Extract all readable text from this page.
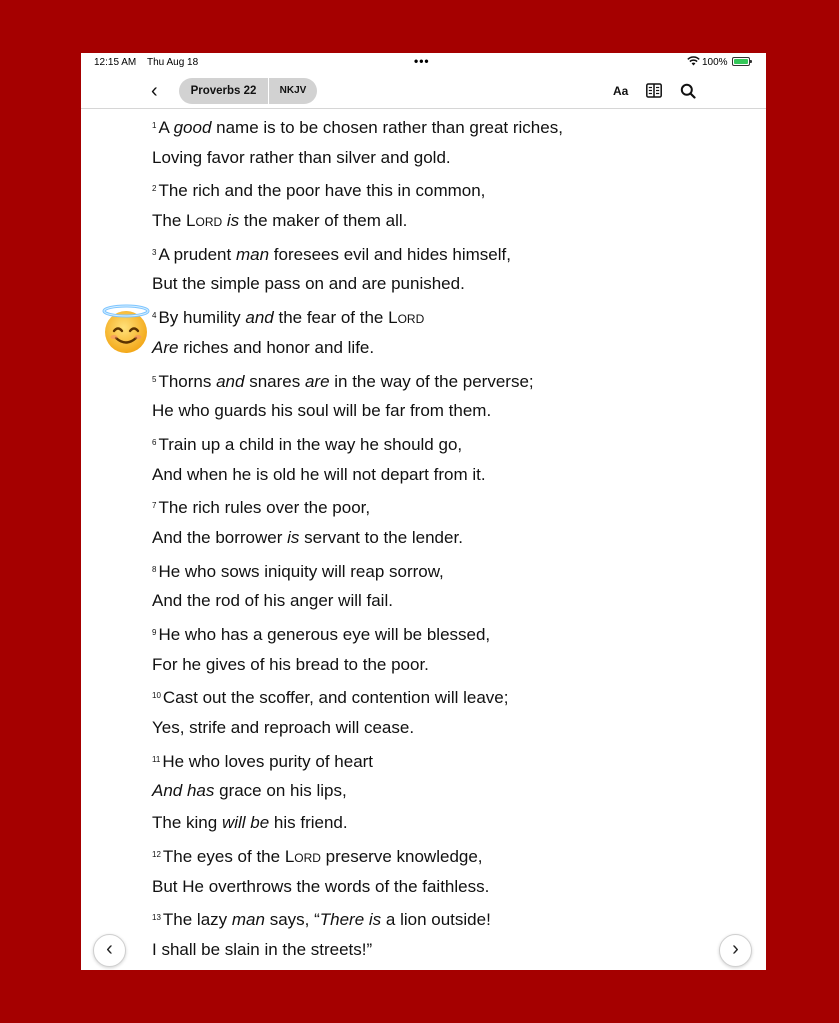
12:15 AM Thu Aug 18	•••	100%
‹	Proverbs 22	NKJV	Aa
$^1$ A good name is to be chosen rather than great riches,
Loving favor rather than silver and gold.
$^2$ The rich and the poor have this in common,
The Lord is the maker of them all.
$^3$ A prudent man foresees evil and hides himself,
But the simple pass on and are punished.
$^4$ By humility and the fear of the Lord
Are riches and honor and life.
$^5$ Thorns and snares are in the way of the perverse;
He who guards his soul will be far from them.
$^6$ Train up a child in the way he should go,
And when he is old he will not depart from it.
$^7$ The rich rules over the poor,
And the borrower is servant to the lender.
$^8$ He who sows iniquity will reap sorrow,
And the rod of his anger will fail.
$^9$ He who has a generous eye will be blessed,
For he gives of his bread to the poor.
$^{10}$ Cast out the scoffer, and contention will leave;
Yes, strife and reproach will cease.
$^{11}$ He who loves purity of heart
And has grace on his lips,
The king will be his friend.
$^{12}$ The eyes of the Lord preserve knowledge,
But He overthrows the words of the faithless.
$^{13}$ The lazy man says, “There is a lion outside!
I shall be slain in the streets!”
‹	›
